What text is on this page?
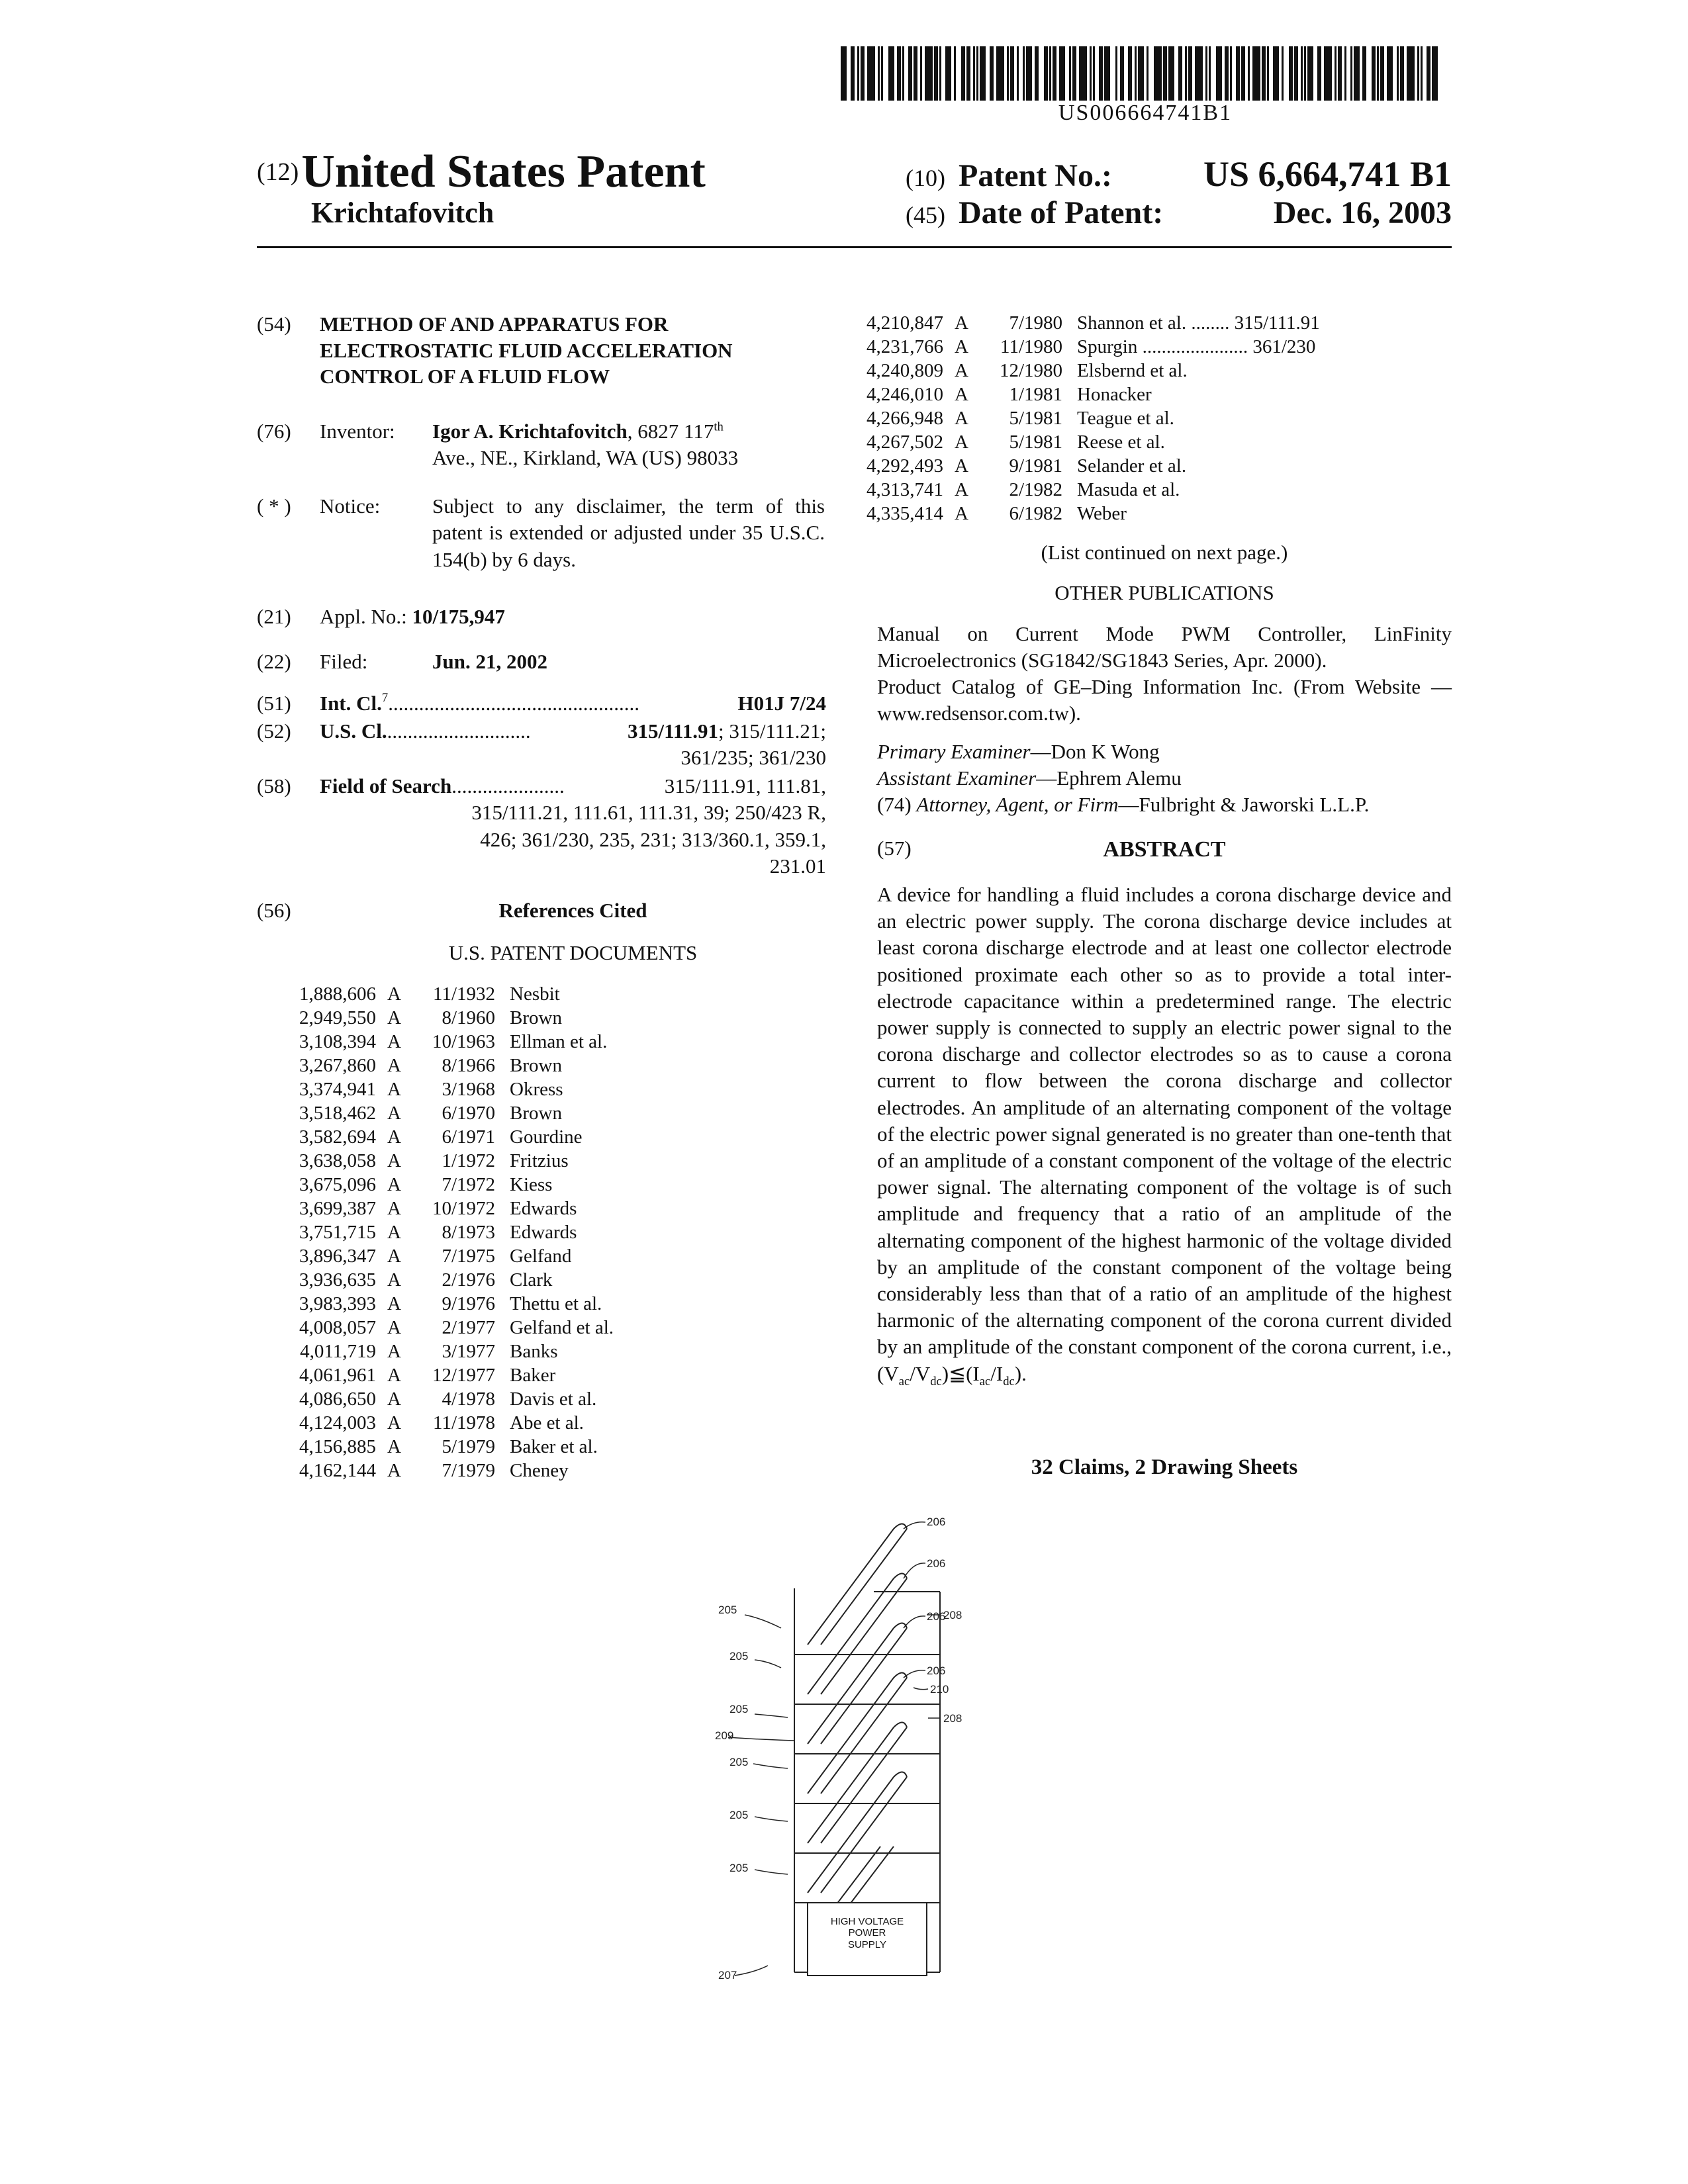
US006664741B1
(12) United States Patent
Krichtafovitch
(10) Patent No.:	US 6,664,741 B1
(45) Date of Patent:	Dec. 16, 2003
(54)	METHOD OF AND APPARATUS FOR ELECTROSTATIC FLUID ACCELERATION CONTROL OF A FLUID FLOW
(76)	Inventor:	Igor A. Krichtafovitch, 6827 117th
Ave., NE., Kirkland, WA (US) 98033
( * )	Notice:	Subject to any disclaimer, the term of this patent is extended or adjusted under 35 U.S.C. 154(b) by 6 days.
(21)	Appl. No.: 10/175,947
(22)	Filed:	Jun. 21, 2002
(51)	Int. Cl. 7 .................................................	H01J 7/24
(52)	U.S. Cl. ............................	315/111.91 ; 315/111.21;
361/235; 361/230
(58)	Field of Search ......................	315/111.91, 111.81,
315/111.21, 111.61, 111.31, 39; 250/423 R,
426; 361/230, 235, 231; 313/360.1, 359.1,
231.01
(56)	References Cited
U.S. PATENT DOCUMENTS
1,888,606 A	11/1932 Nesbit
2,949,550 A	8/1960 Brown
3,108,394 A	10/1963 Ellman et al.
3,267,860 A	8/1966 Brown
3,374,941 A	3/1968 Okress
3,518,462 A	6/1970 Brown
3,582,694 A	6/1971 Gourdine
3,638,058 A	1/1972 Fritzius
3,675,096 A	7/1972 Kiess
3,699,387 A	10/1972 Edwards
3,751,715 A	8/1973 Edwards
3,896,347 A	7/1975 Gelfand
3,936,635 A	2/1976 Clark
3,983,393 A	9/1976 Thettu et al.
4,008,057 A	2/1977 Gelfand et al.
4,011,719 A	3/1977 Banks
4,061,961 A	12/1977 Baker
4,086,650 A	4/1978 Davis et al.
4,124,003 A	11/1978 Abe et al.
4,156,885 A	5/1979 Baker et al.
4,162,144 A	7/1979 Cheney
4,210,847 A	7/1980 Shannon et al. ........ 315/111.91
4,231,766 A	11/1980 Spurgin ...................... 361/230
4,240,809 A	12/1980 Elsbernd et al.
4,246,010 A	1/1981 Honacker
4,266,948 A	5/1981 Teague et al.
4,267,502 A	5/1981 Reese et al.
4,292,493 A	9/1981 Selander et al.
4,313,741 A	2/1982 Masuda et al.
4,335,414 A	6/1982 Weber
(List continued on next page.)
OTHER PUBLICATIONS
Manual on Current Mode PWM Controller, LinFinity Microelectronics (SG1842/SG1843 Series, Apr. 2000).
Product Catalog of GE–Ding Information Inc. (From Website —www.redsensor.com.tw).
Primary Examiner—Don K Wong
Assistant Examiner—Ephrem Alemu
(74) Attorney, Agent, or Firm—Fulbright & Jaworski L.L.P.
(57)	ABSTRACT
A device for handling a fluid includes a corona discharge device and an electric power supply. The corona discharge device includes at least corona discharge electrode and at least one collector electrode positioned proximate each other so as to provide a total inter-electrode capacitance within a predetermined range. The electric power supply is connected to supply an electric power signal to the corona discharge and collector electrodes so as to cause a corona current to flow between the corona discharge and collector electrodes. An amplitude of an alternating component of the voltage of the electric power signal generated is no greater than one-tenth that of an amplitude of a constant component of the voltage of the electric power signal. The alternating component of the voltage is of such amplitude and frequency that a ratio of an amplitude of the alternating component of the highest harmonic of the voltage divided by an amplitude of the constant component of the voltage being considerably less than that of a ratio of an amplitude of the highest harmonic of the alternating component of the corona current divided by an amplitude of the constant component of the corona current, i.e., $(V_{ac}/V_{dc})≦(I_{ac}/I_{dc})$.
32 Claims, 2 Drawing Sheets
206
206
208
206
206
210
208
205
205
205
209
205
205
205
207
HIGH VOLTAGE
POWER
SUPPLY
